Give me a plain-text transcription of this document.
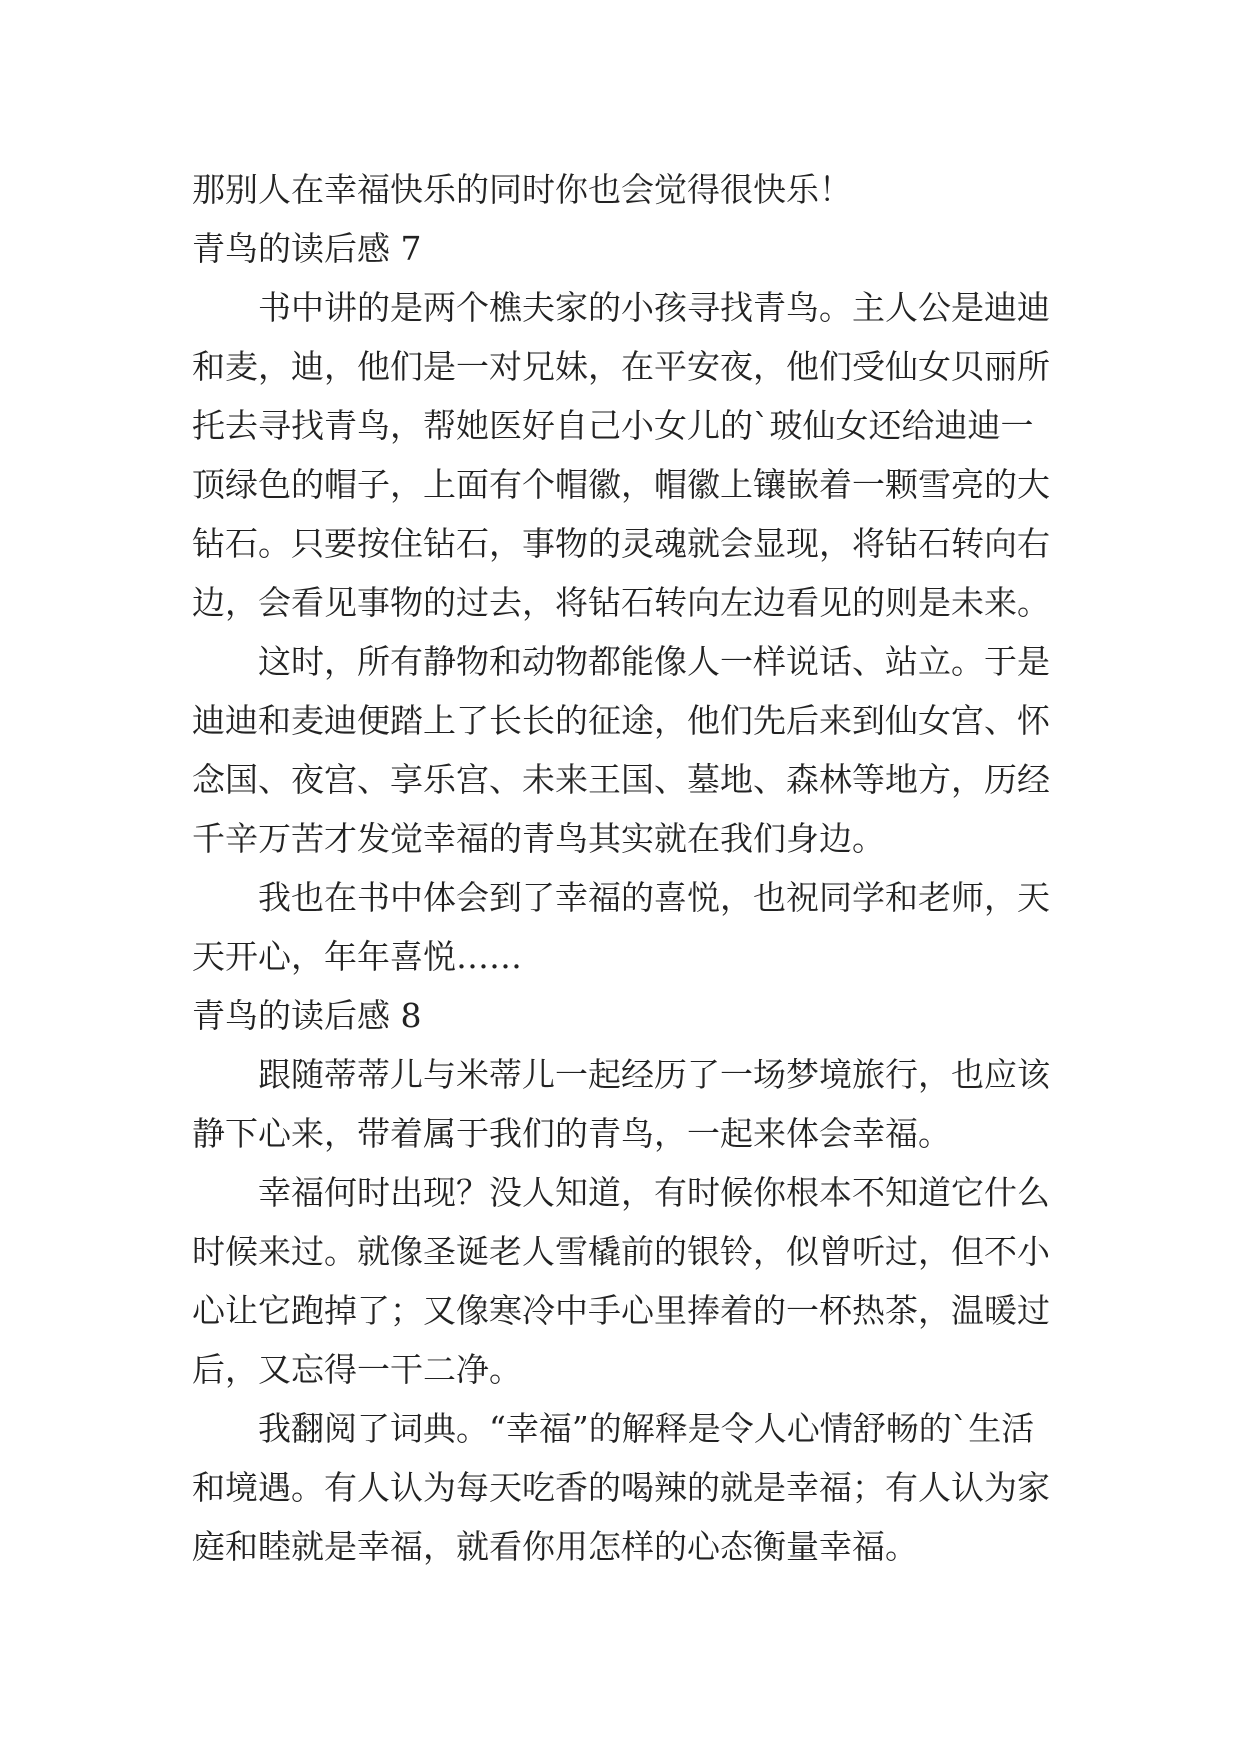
那别人在幸福快乐的同时你也会觉得很快乐！
青鸟的读后感 7
书中讲的是两个樵夫家的小孩寻找青鸟。主人公是迪迪
和麦，迪，他们是一对兄妹，在平安夜，他们受仙女贝丽所
托去寻找青鸟，帮她医好自己小女儿的`玻仙女还给迪迪一
顶绿色的帽子，上面有个帽徽，帽徽上镶嵌着一颗雪亮的大
钻石。只要按住钻石，事物的灵魂就会显现，将钻石转向右
边，会看见事物的过去，将钻石转向左边看见的则是未来。
这时，所有静物和动物都能像人一样说话、站立。于是
迪迪和麦迪便踏上了长长的征途，他们先后来到仙女宫、怀
念国、夜宫、享乐宫、未来王国、墓地、森林等地方，历经
千辛万苦才发觉幸福的青鸟其实就在我们身边。
我也在书中体会到了幸福的喜悦，也祝同学和老师，天
天开心，年年喜悦……
青鸟的读后感 8
跟随蒂蒂儿与米蒂儿一起经历了一场梦境旅行，也应该
静下心来，带着属于我们的青鸟，一起来体会幸福。
幸福何时出现？没人知道，有时候你根本不知道它什么
时候来过。就像圣诞老人雪橇前的银铃，似曾听过，但不小
心让它跑掉了；又像寒冷中手心里捧着的一杯热茶，温暖过
后，又忘得一干二净。
我翻阅了词典。“幸福”的解释是令人心情舒畅的`生活
和境遇。有人认为每天吃香的喝辣的就是幸福；有人认为家
庭和睦就是幸福，就看你用怎样的心态衡量幸福。
